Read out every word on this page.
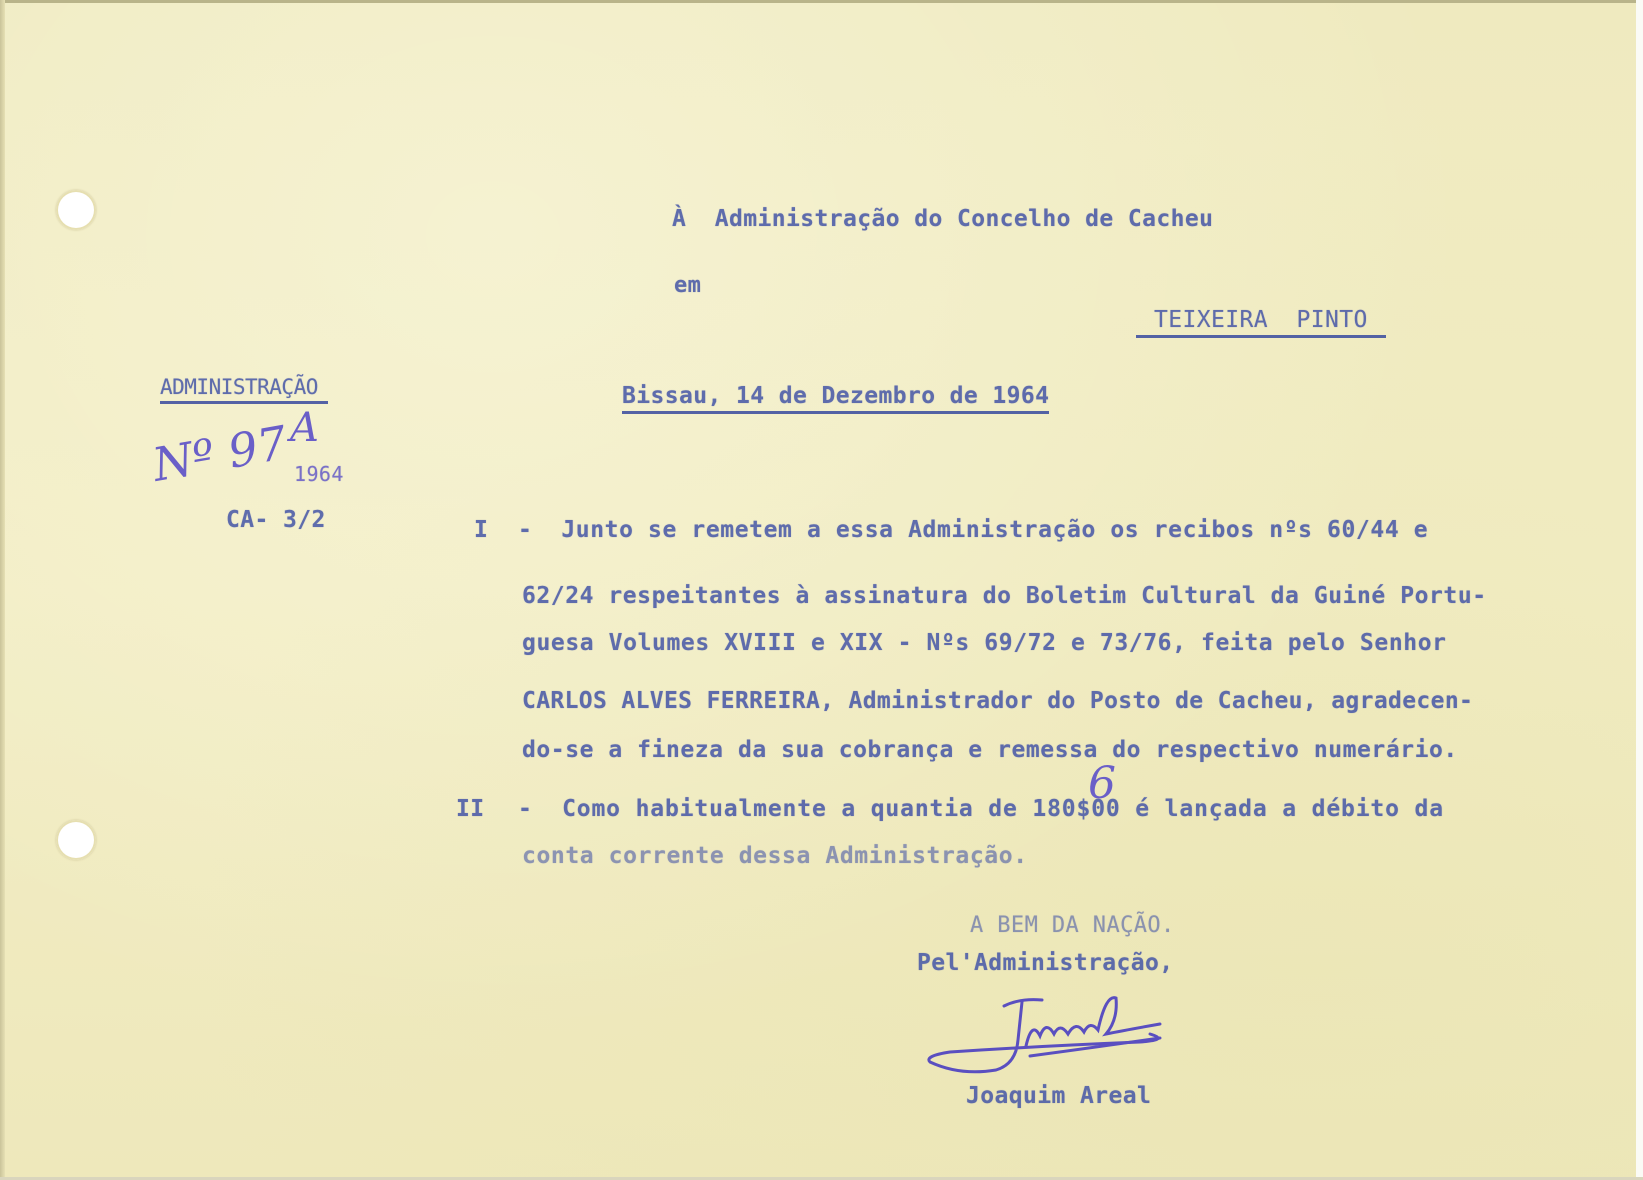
À  Administração do Concelho de Cacheu
em
TEIXEIRA  PINTO
ADMINISTRAÇÃO
Nº 97 A
1964
CA- 3/2
Bissau, 14 de Dezembro de 1964
I -  Junto se remetem a essa Administração os recibos nºs 60/44 e
62/24 respeitantes à assinatura do Boletim Cultural da Guiné Portu-
guesa Volumes XVIII e XIX - Nºs 69/72 e 73/76, feita pelo Senhor
CARLOS ALVES FERREIRA, Administrador do Posto de Cacheu, agradecen-
do-se a fineza da sua cobrança e remessa do respectivo numerário.
II -  Como habitualmente a quantia de 180$00 é lançada a débito da
conta corrente dessa Administração.
6
A BEM DA NAÇÃO.
Pel'Administração,
Joaquim Areal
